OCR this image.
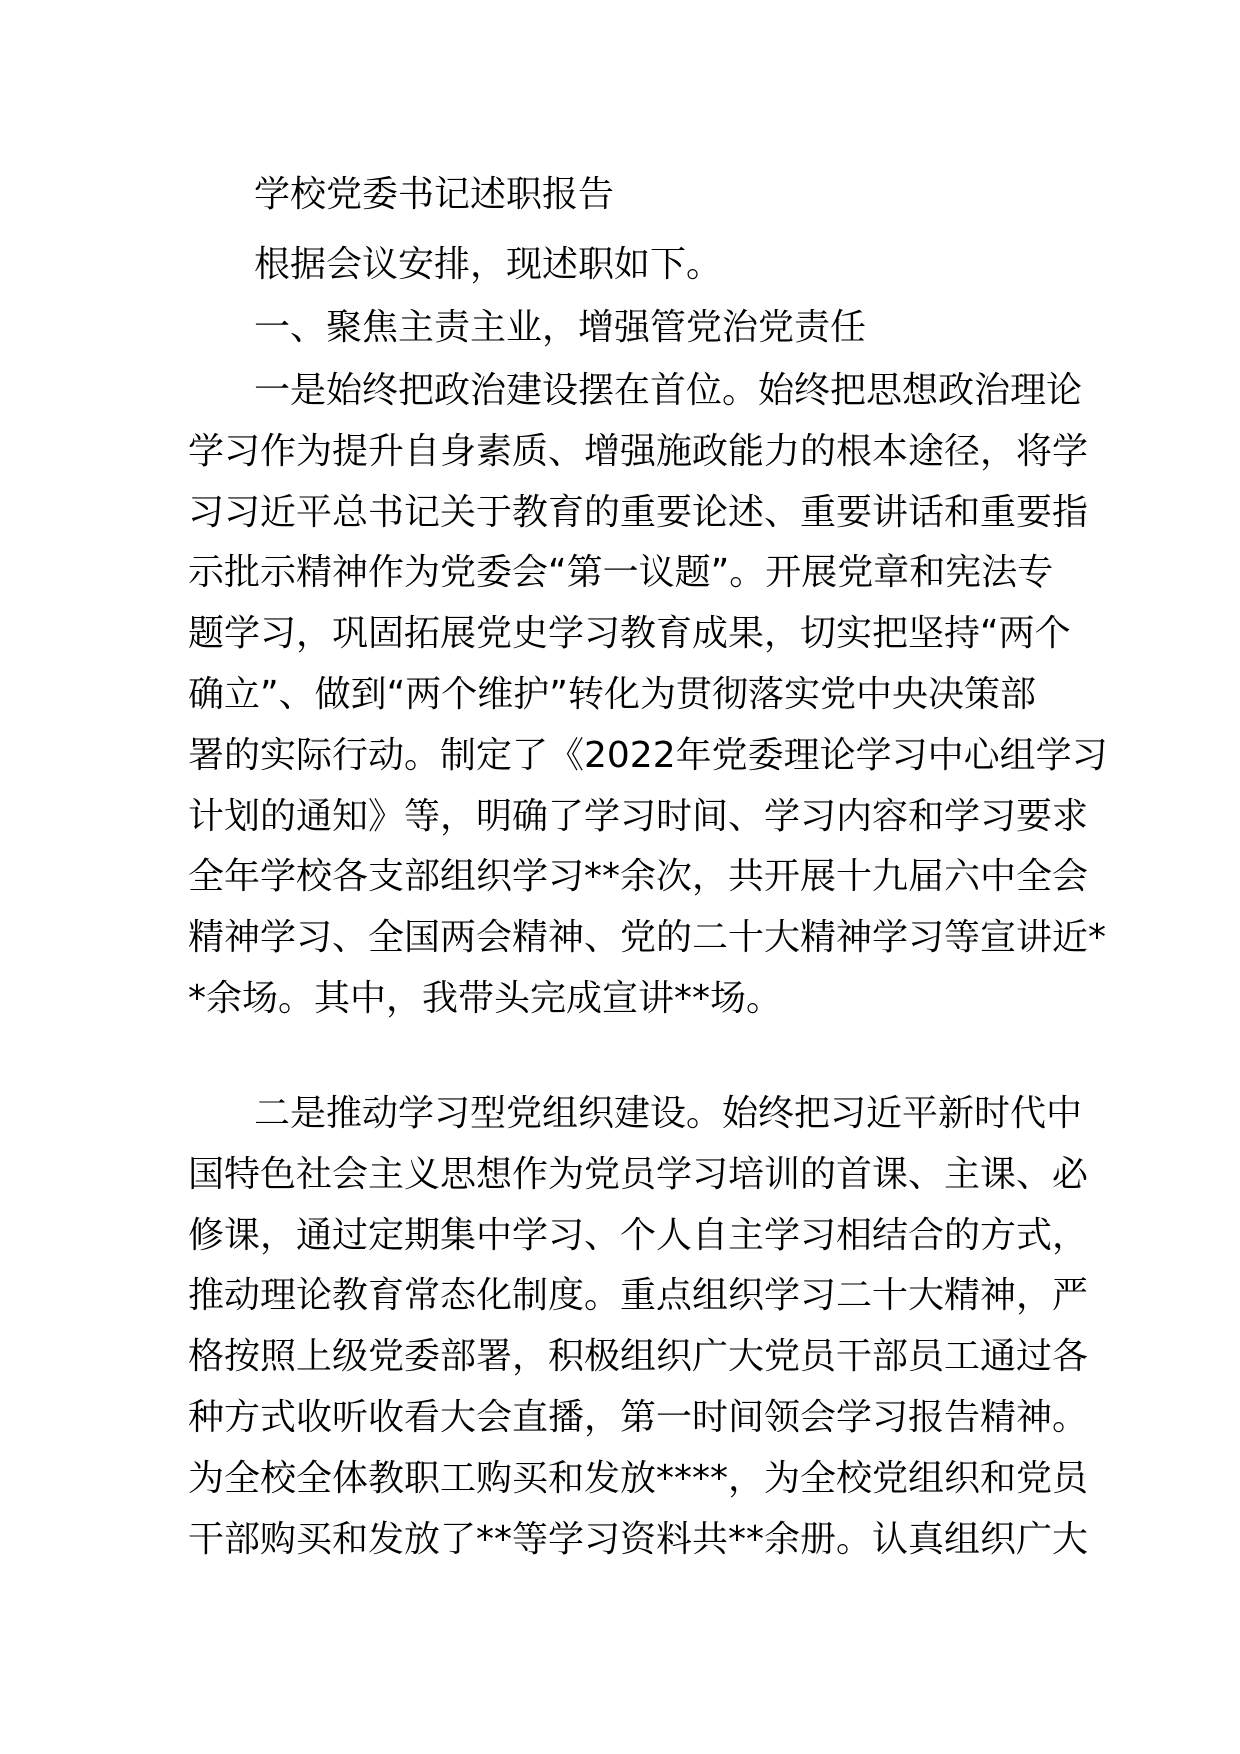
学校党委书记述职报告
根据会议安排，现述职如下。
一、聚焦主责主业，增强管党治党责任
一是始终把政治建设摆在首位。始终把思想政治理论
学习作为提升自身素质、增强施政能力的根本途径，将学
习习近平总书记关于教育的重要论述、重要讲话和重要指
示批示精神作为党委会“第一议题”。开展党章和宪法专
题学习，巩固拓展党史学习教育成果，切实把坚持“两个
确立”、做到“两个维护”转化为贯彻落实党中央决策部
署的实际行动。制定了《2022年党委理论学习中心组学习
计划的通知》等，明确了学习时间、学习内容和学习要求
全年学校各支部组织学习**余次，共开展十九届六中全会
精神学习、全国两会精神、党的二十大精神学习等宣讲近*
*余场。其中，我带头完成宣讲**场。
二是推动学习型党组织建设。始终把习近平新时代中
国特色社会主义思想作为党员学习培训的首课、主课、必
修课，通过定期集中学习、个人自主学习相结合的方式，
推动理论教育常态化制度。重点组织学习二十大精神，严
格按照上级党委部署，积极组织广大党员干部员工通过各
种方式收听收看大会直播，第一时间领会学习报告精神。
为全校全体教职工购买和发放****，为全校党组织和党员
干部购买和发放了**等学习资料共**余册。认真组织广大
